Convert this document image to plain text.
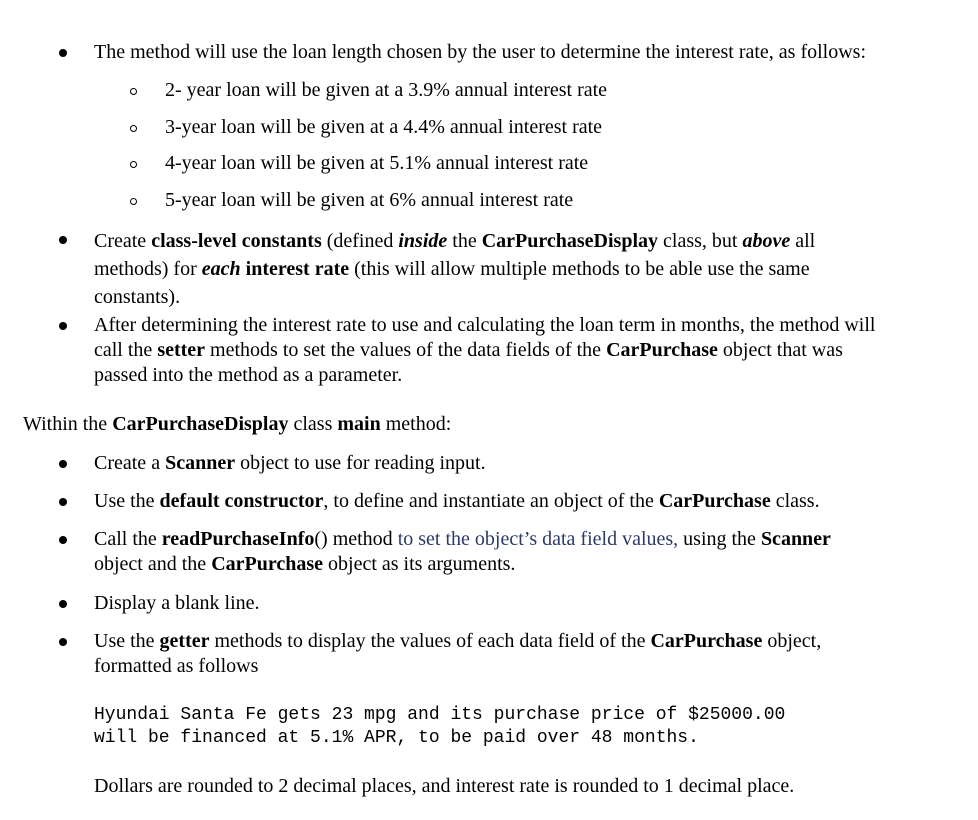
The method will use the loan length chosen by the user to determine the interest rate, as follows:
2- year loan will be given at a 3.9% annual interest rate
3-year loan will be given at a 4.4% annual interest rate
4-year loan will be given at 5.1% annual interest rate
5-year loan will be given at 6% annual interest rate
Create class-level constants (defined inside the CarPurchaseDisplay class, but above all
methods) for each interest rate (this will allow multiple methods to be able use the same
constants).
After determining the interest rate to use and calculating the loan term in months, the method will
call the setter methods to set the values of the data fields of the CarPurchase object that was
passed into the method as a parameter.
Within the CarPurchaseDisplay class main method:
Create a Scanner object to use for reading input.
Use the default constructor, to define and instantiate an object of the CarPurchase class.
Call the readPurchaseInfo() method to set the object’s data field values, using the Scanner
object and the CarPurchase object as its arguments.
Display a blank line.
Use the getter methods to display the values of each data field of the CarPurchase object,
formatted as follows
Hyundai Santa Fe gets 23 mpg and its purchase price of $25000.00
will be financed at 5.1% APR, to be paid over 48 months.
Dollars are rounded to 2 decimal places, and interest rate is rounded to 1 decimal place.
